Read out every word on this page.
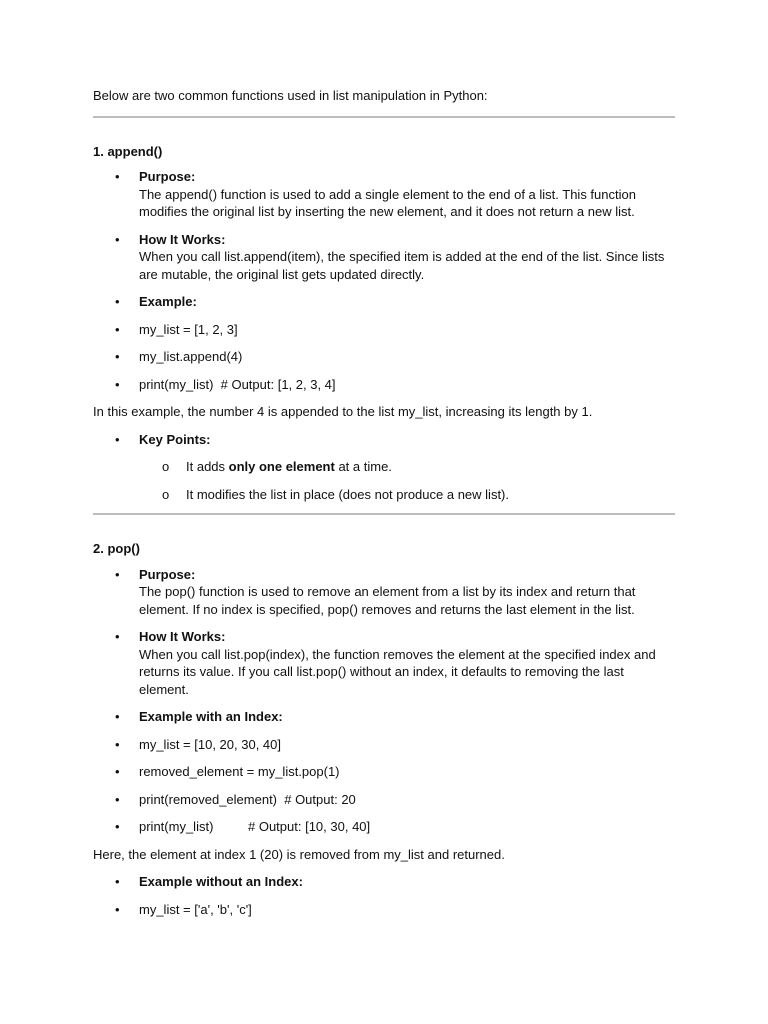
Below are two common functions used in list manipulation in Python:

1. append()

• Purpose:
The append() function is used to add a single element to the end of a list. This function modifies the original list by inserting the new element, and it does not return a new list.
• How It Works:
When you call list.append(item), the specified item is added at the end of the list. Since lists are mutable, the original list gets updated directly.
• Example:
• my_list = [1, 2, 3]
• my_list.append(4)
• print(my_list)  # Output: [1, 2, 3, 4]

In this example, the number 4 is appended to the list my_list, increasing its length by 1.

• Key Points:
o It adds only one element at a time.
o It modifies the list in place (does not produce a new list).

2. pop()

• Purpose:
The pop() function is used to remove an element from a list by its index and return that element. If no index is specified, pop() removes and returns the last element in the list.
• How It Works:
When you call list.pop(index), the function removes the element at the specified index and returns its value. If you call list.pop() without an index, it defaults to removing the last element.
• Example with an Index:
• my_list = [10, 20, 30, 40]
• removed_element = my_list.pop(1)
• print(removed_element)  # Output: 20
• print(my_list)	# Output: [10, 30, 40]

Here, the element at index 1 (20) is removed from my_list and returned.

• Example without an Index:
• my_list = ['a', 'b', 'c']
